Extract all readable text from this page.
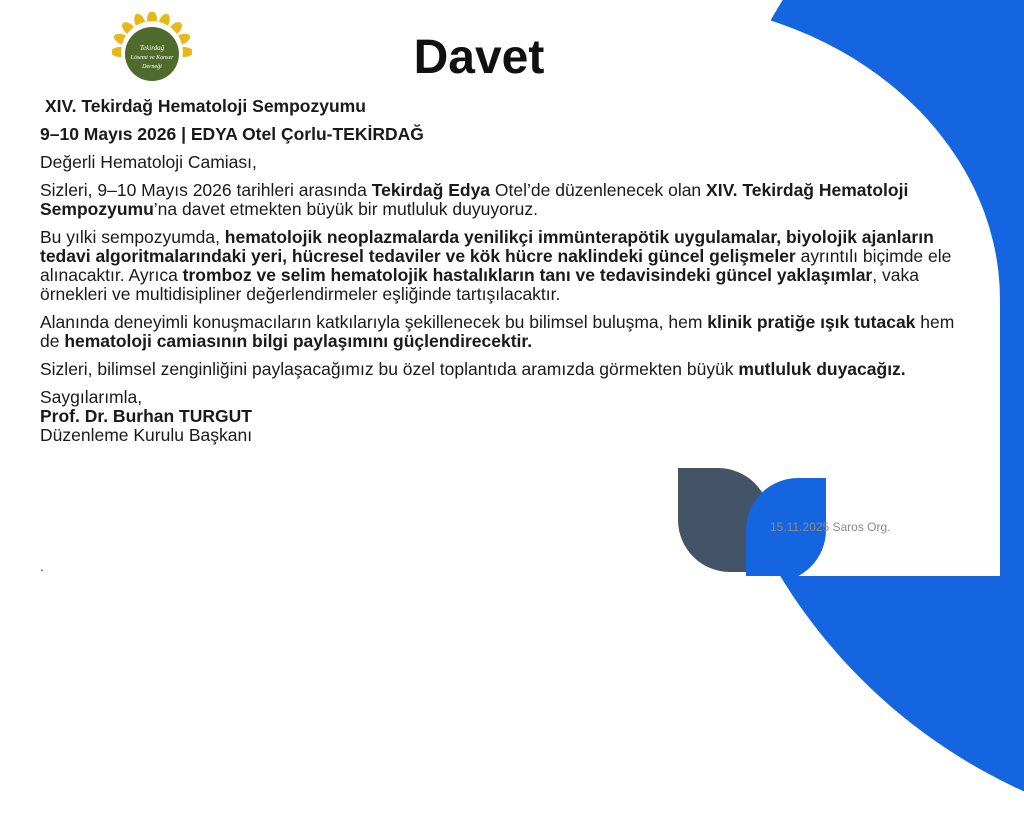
Tekirdağ
Lösemi ve Kanser
Derneği	Davet

XIV. Tekirdağ Hematoloji Sempozyumu

9–10 Mayıs 2026 | EDYA Otel Çorlu-TEKİRDAĞ

Değerli Hematoloji Camiası,

Sizleri, 9–10 Mayıs 2026 tarihleri arasında Tekirdağ Edya Otel’de düzenlenecek olan XIV. Tekirdağ Hematoloji Sempozyumu’na davet etmekten büyük bir mutluluk duyuyoruz.

Bu yılki sempozyumda, hematolojik neoplazmalarda yenilikçi immünterapötik uygulamalar, biyolojik ajanların tedavi algoritmalarındaki yeri, hücresel tedaviler ve kök hücre naklindeki güncel gelişmeler ayrıntılı biçimde ele alınacaktır. Ayrıca tromboz ve selim hematolojik hastalıkların tanı ve tedavisindeki güncel yaklaşımlar, vaka örnekleri ve multidisipliner değerlendirmeler eşliğinde tartışılacaktır.

Alanında deneyimli konuşmacıların katkılarıyla şekillenecek bu bilimsel buluşma, hem klinik pratiğe ışık tutacak hem de hematoloji camiasının bilgi paylaşımını güçlendirecektir.

Sizleri, bilimsel zenginliğini paylaşacağımız bu özel toplantıda aramızda görmekten büyük mutluluk duyacağız.

Saygılarımla,

Prof. Dr. Burhan TURGUT

Düzenleme Kurulu Başkanı

15.11.2025 Saros Org.
2
.
